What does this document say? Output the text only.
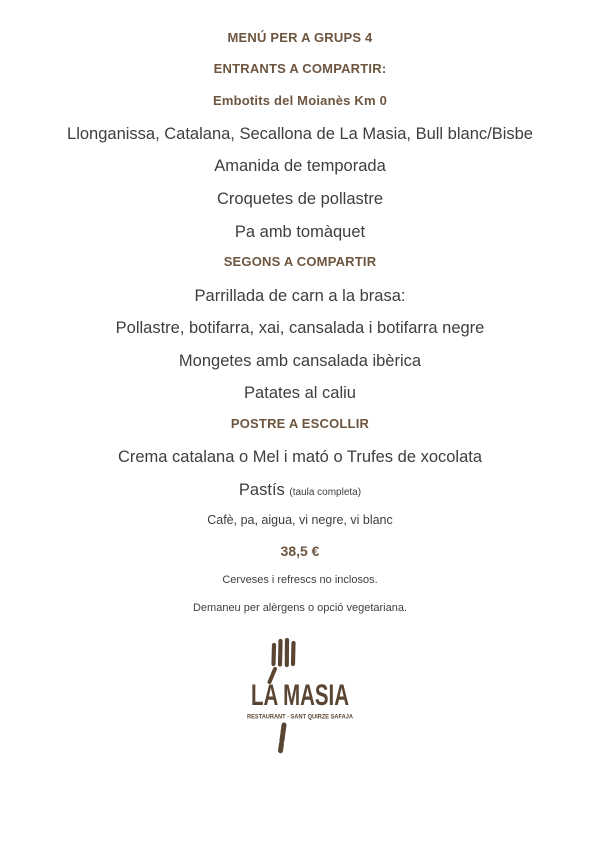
MENÚ PER A GRUPS 4
ENTRANTS A COMPARTIR:
Embotits del Moianès Km 0
Llonganissa, Catalana, Secallona de La Masia, Bull blanc/Bisbe
Amanida de temporada
Croquetes de pollastre
Pa amb tomàquet
SEGONS A COMPARTIR
Parrillada de carn a la brasa:
Pollastre, botifarra, xai, cansalada i botifarra negre
Mongetes amb cansalada ibèrica
Patates al caliu
POSTRE A ESCOLLIR
Crema catalana o Mel i mató o Trufes de xocolata
Pastís (taula completa)
Cafè, pa, aigua, vi negre, vi blanc
38,5 €
Cerveses i refrescs no inclosos.
Demaneu per alèrgens o opció vegetariana.
LA MASIA
RESTAURANT · SANT QUIRZE SAFAJA
